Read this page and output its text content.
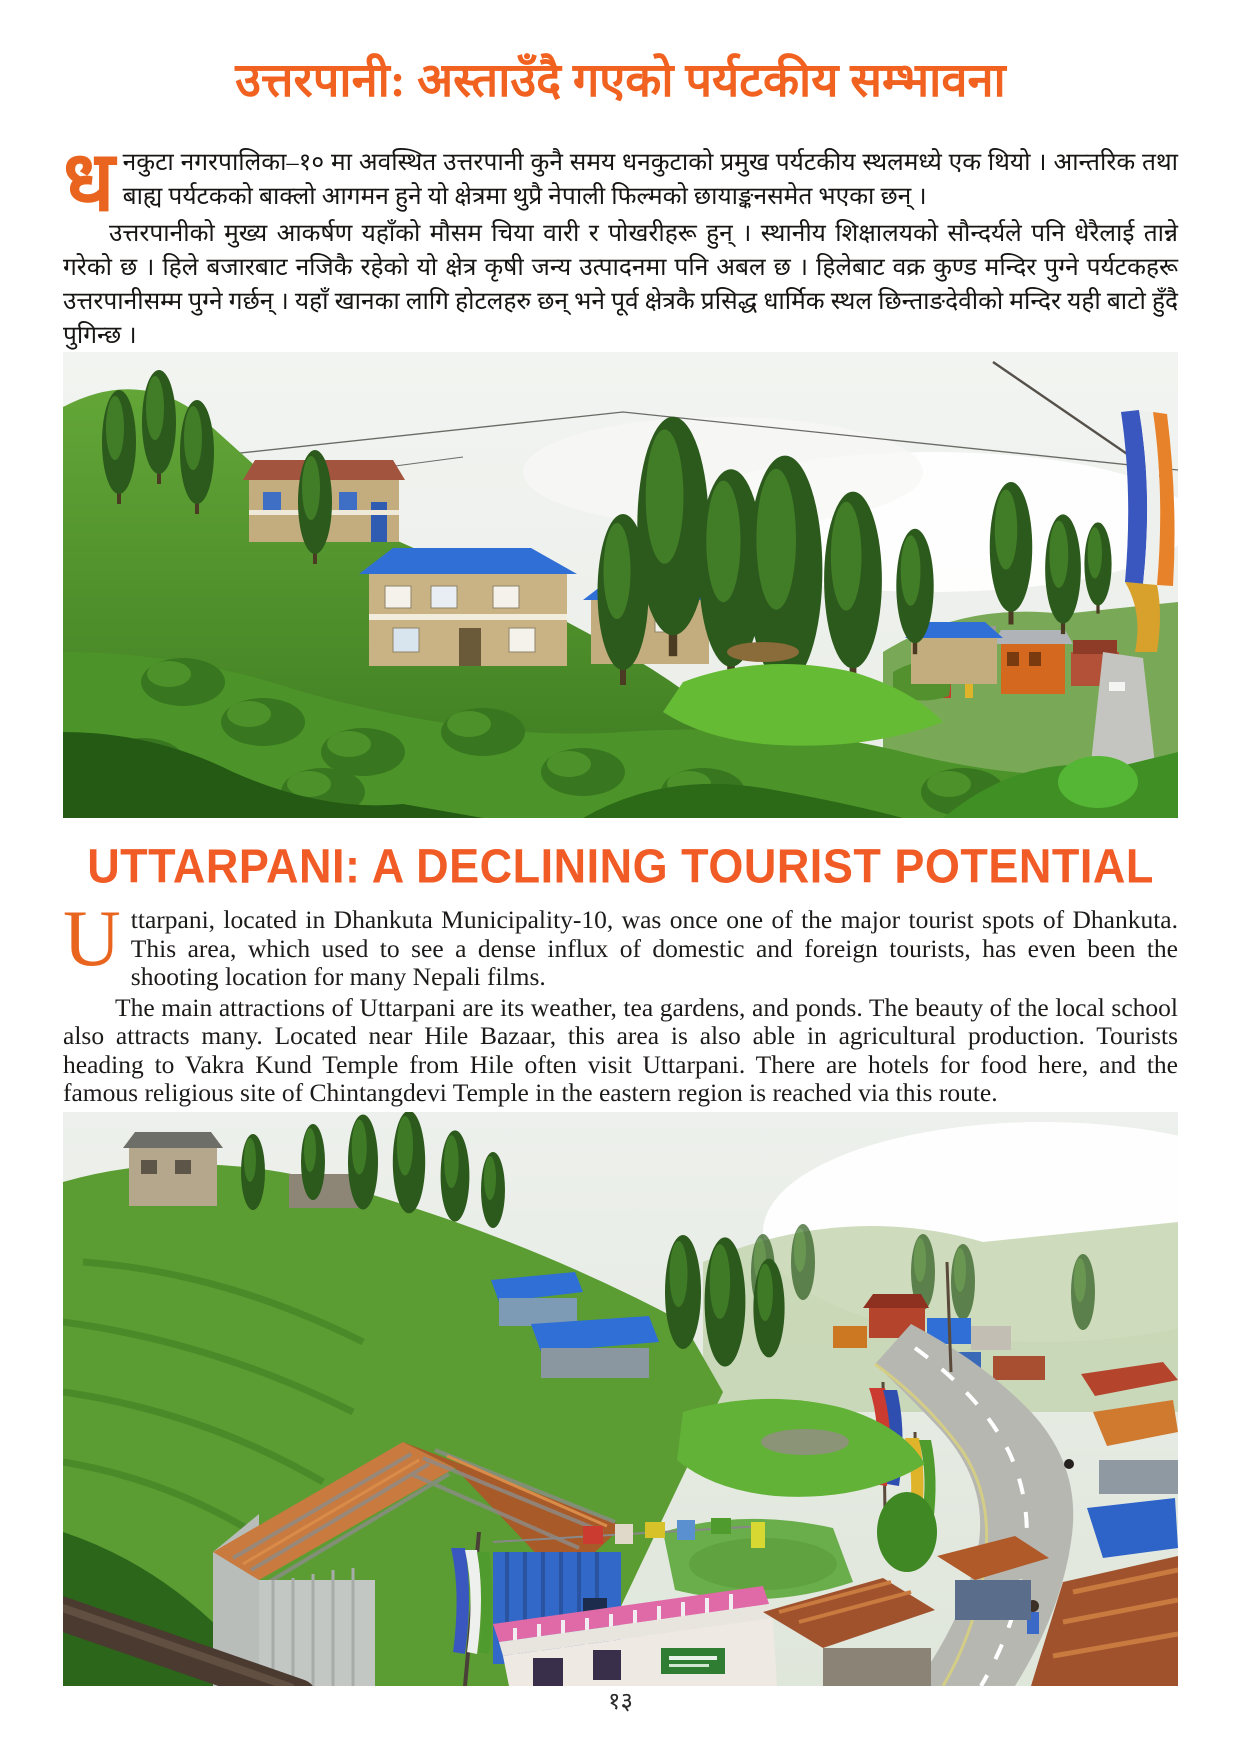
उत्तरपानी: अस्ताउँदै गएको पर्यटकीय सम्भावना

धनकुटा नगरपालिका–१० मा अवस्थित उत्तरपानी कुनै समय धनकुटाको प्रमुख पर्यटकीय स्थलमध्ये एक थियो । आन्तरिक तथा बाह्य पर्यटकको बाक्लो आगमन हुने यो क्षेत्रमा थुप्रै नेपाली फिल्मको छायाङ्कनसमेत भएका छन् ।

उत्तरपानीको मुख्य आकर्षण यहाँको मौसम चिया वारी र पोखरीहरू हुन् । स्थानीय शिक्षालयको सौन्दर्यले पनि धेरैलाई तान्ने गरेको छ । हिले बजारबाट नजिकै रहेको यो क्षेत्र कृषी जन्य उत्पादनमा पनि अबल छ । हिलेबाट वक्र कुण्ड मन्दिर पुग्ने पर्यटकहरू उत्तरपानीसम्म पुग्ने गर्छन् । यहाँ खानका लागि होटलहरु छन् भने पूर्व क्षेत्रकै प्रसिद्ध धार्मिक स्थल छिन्ताङदेवीको मन्दिर यही बाटो हुँदै पुगिन्छ ।

UTTARPANI: A DECLINING TOURIST POTENTIAL

Uttarpani, located in Dhankuta Municipality-10, was once one of the major tourist spots of Dhankuta. This area, which used to see a dense influx of domestic and foreign tourists, has even been the shooting location for many Nepali films.

The main attractions of Uttarpani are its weather, tea gardens, and ponds. The beauty of the local school also attracts many. Located near Hile Bazaar, this area is also able in agricultural production. Tourists heading to Vakra Kund Temple from Hile often visit Uttarpani. There are hotels for food here, and the famous religious site of Chintangdevi Temple in the eastern region is reached via this route.

१३
